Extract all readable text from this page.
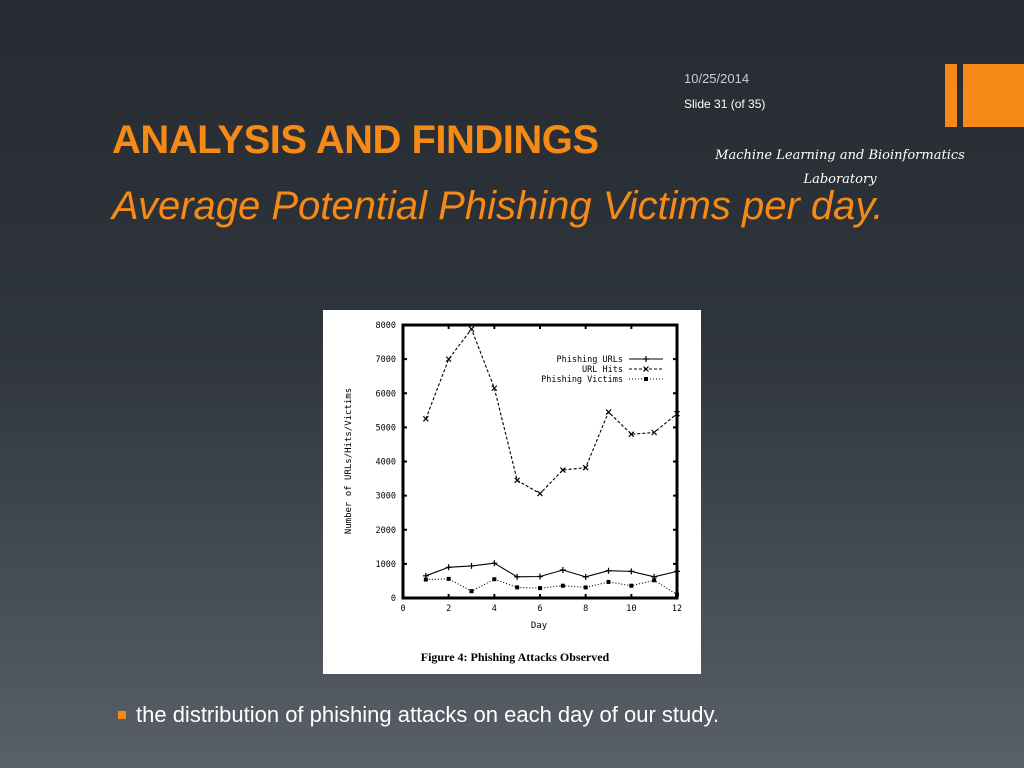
10/25/2014
Slide 31 (of 35)
Machine Learning and Bioinformatics
Laboratory
ANALYSIS AND FINDINGS
Average Potential Phishing Victims per day.
0
1000
2000
3000
4000
5000
6000
7000
8000
0	2	4	6	8	10	12
Phishing URLs
URL Hits
Phishing Victims
Day
Number of URLs/Hits/Victims
Figure 4: Phishing Attacks Observed
the distribution of phishing attacks on each day of our study.
